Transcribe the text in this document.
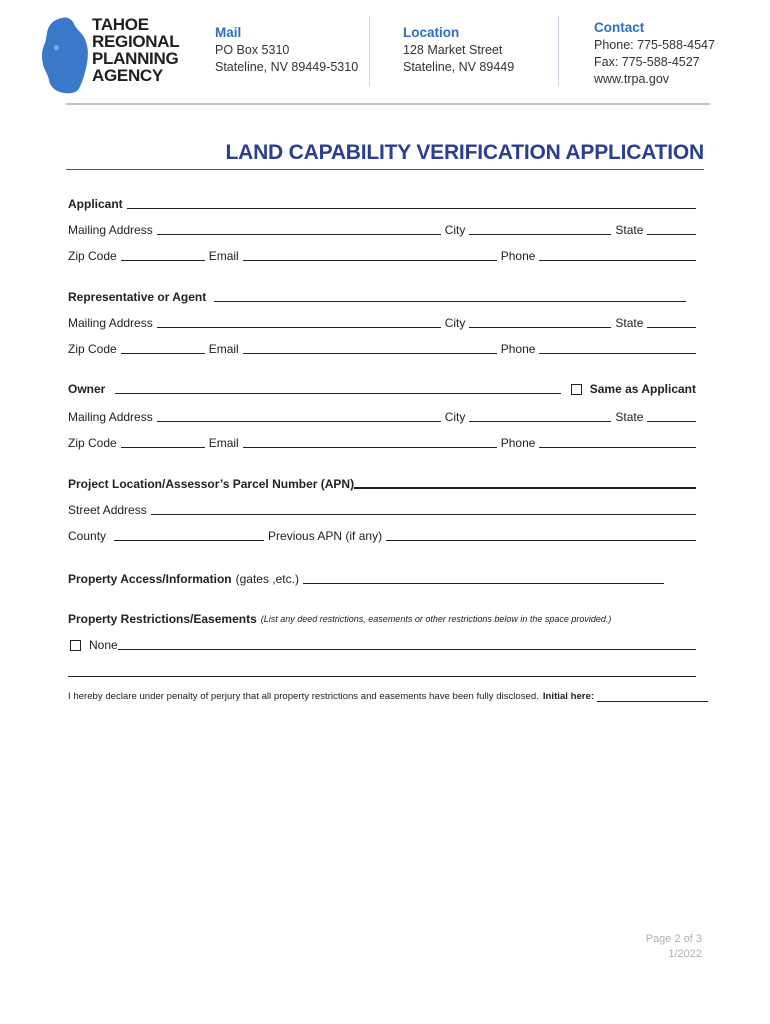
TAHOE
REGIONAL
PLANNING
AGENCY
Mail
PO Box 5310
Stateline, NV 89449-5310
Location
128 Market Street
Stateline, NV 89449
Contact
Phone: 775-588-4547
Fax: 775-588-4527
www.trpa.gov
LAND CAPABILITY VERIFICATION APPLICATION
Applicant
Mailing Address	City	State
Zip Code	Email	Phone
Representative or Agent
Mailing Address	City	State
Zip Code	Email	Phone
Owner	Same as Applicant
Mailing Address	City	State
Zip Code	Email	Phone
Project Location/Assessor’s Parcel Number (APN)
Street Address
County	Previous APN (if any)
Property Access/Information (gates ,etc.)
Property Restrictions/Easements (List any deed restrictions, easements or other restrictions below in the space provided.)
None
I hereby declare under penalty of perjury that all property restrictions and easements have been fully disclosed. Initial here:
Page 2 of 3
1/2022
